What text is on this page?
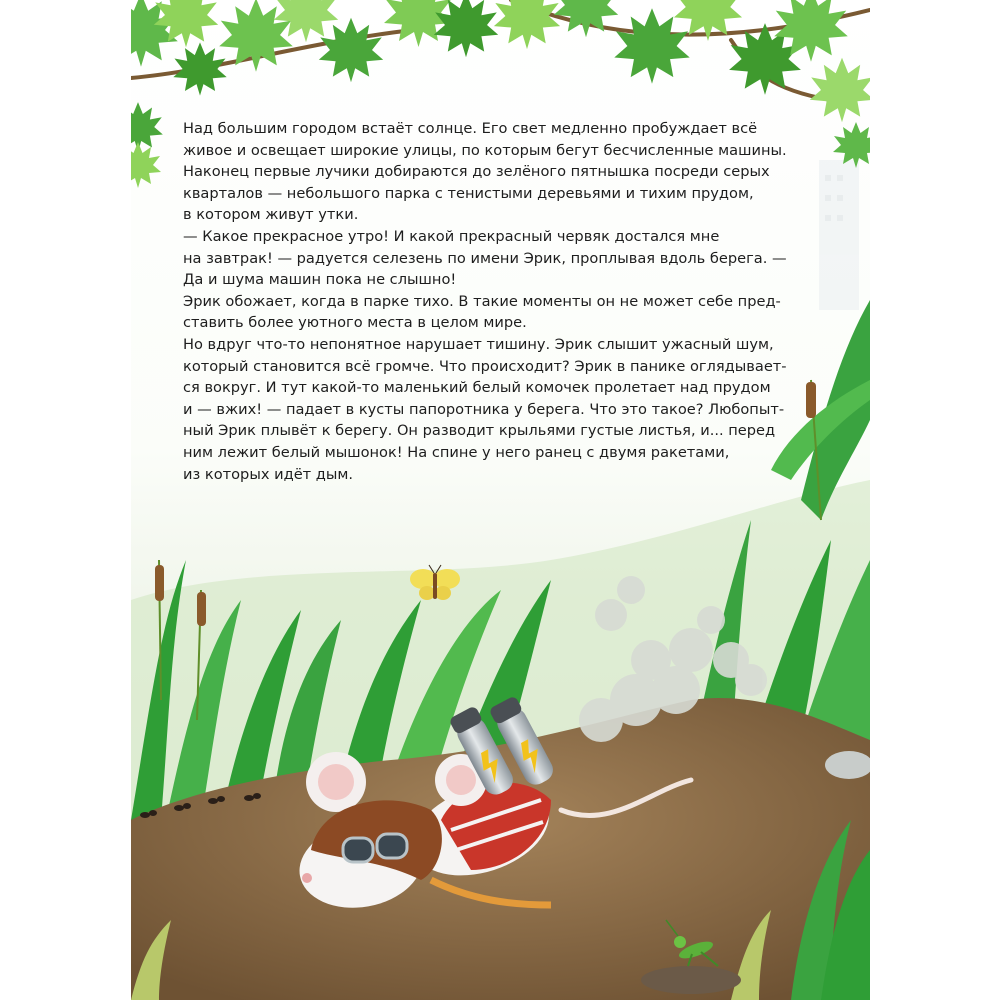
Над большим городом встаёт солнце. Его свет медленно пробуждает всё
живое и освещает широкие улицы, по которым бегут бесчисленные машины.
Наконец первые лучики добираются до зелёного пятнышка посреди серых
кварталов — небольшого парка с тенистыми деревьями и тихим прудом,
в котором живут утки.

— Какое прекрасное утро! И какой прекрасный червяк достался мне
на завтрак! — радуется селезень по имени Эрик, проплывая вдоль берега. —
Да и шума машин пока не слышно!

Эрик обожает, когда в парке тихо. В такие моменты он не может себе пред-
ставить более уютного места в целом мире.

Но вдруг что-то непонятное нарушает тишину. Эрик слышит ужасный шум,
который становится всё громче. Что происходит? Эрик в панике оглядывает-
ся вокруг. И тут какой-то маленький белый комочек пролетает над прудом
и — вжих! — падает в кусты папоротника у берега. Что это такое? Любопыт-
ный Эрик плывёт к берегу. Он разводит крыльями густые листья, и... перед
ним лежит белый мышонок! На спине у него ранец с двумя ракетами,
из которых идёт дым.
